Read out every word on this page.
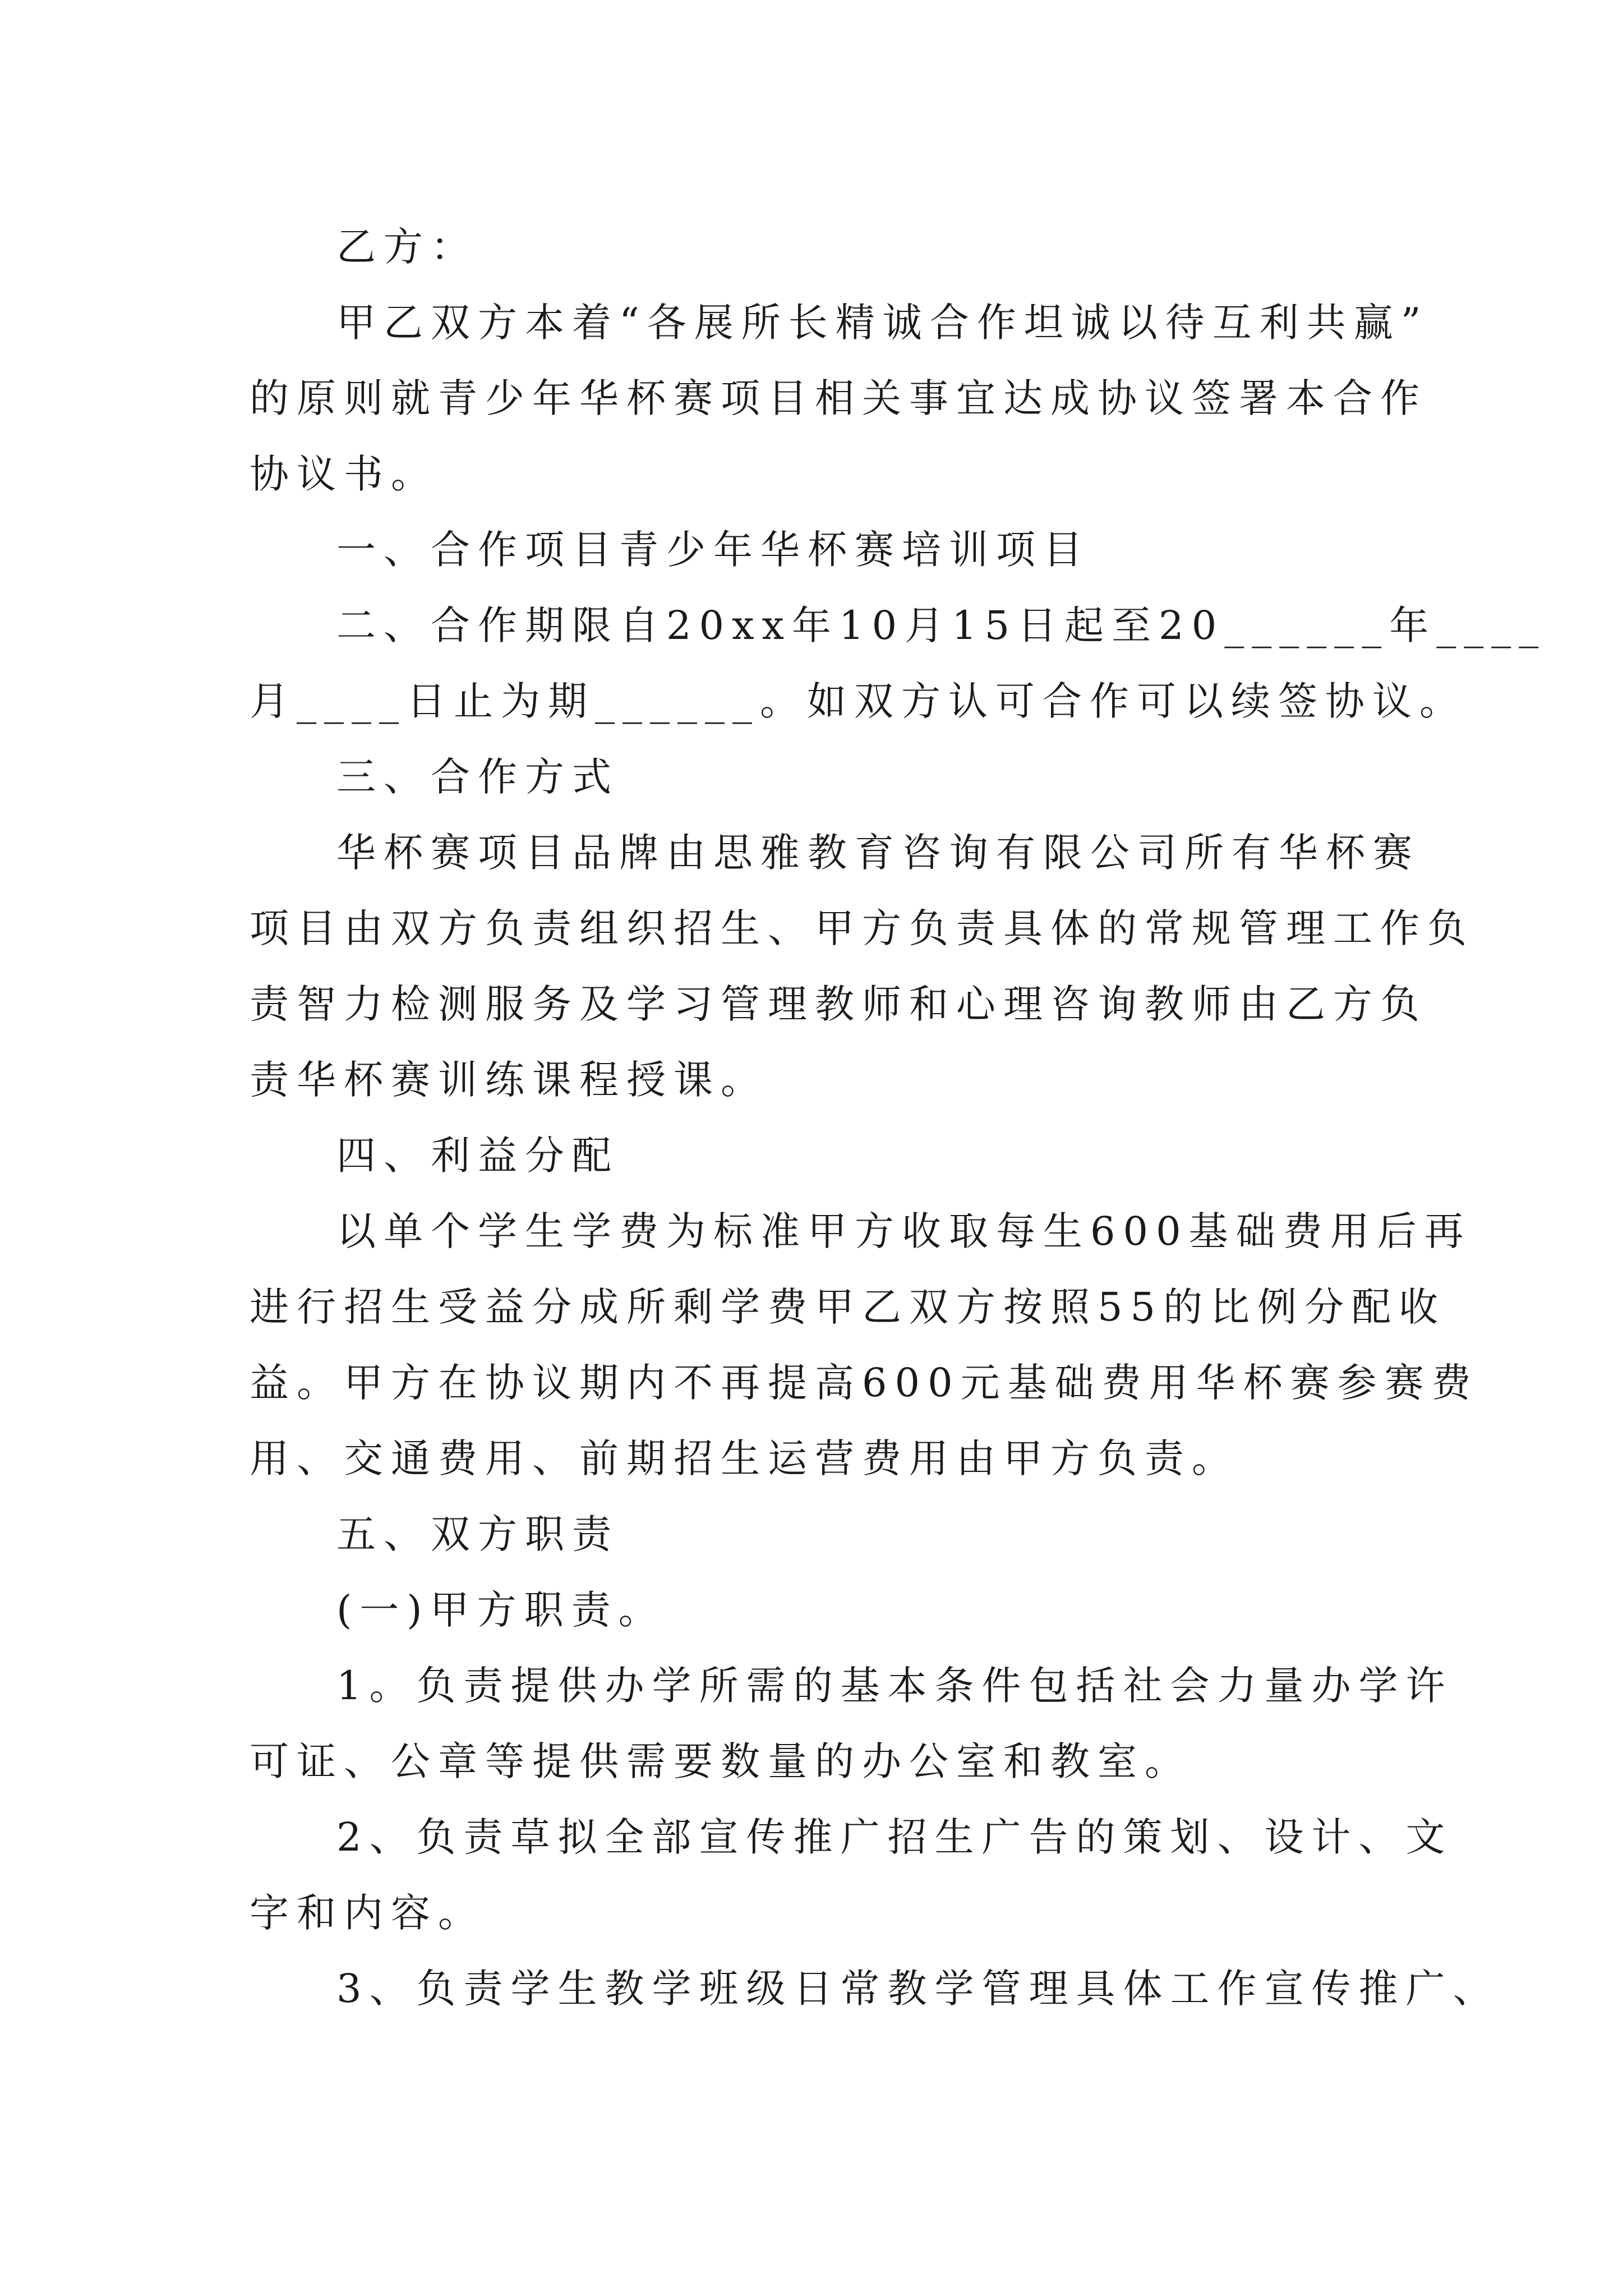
乙方：
甲乙双方本着“各展所长精诚合作坦诚以待互利共赢”
的原则就青少年华杯赛项目相关事宜达成协议签署本合作
协议书。
一、合作项目青少年华杯赛培训项目
二、合作期限自20xx年10月15日起至20______年____
月____日止为期______。如双方认可合作可以续签协议。
三、合作方式
华杯赛项目品牌由思雅教育咨询有限公司所有华杯赛
项目由双方负责组织招生、甲方负责具体的常规管理工作负
责智力检测服务及学习管理教师和心理咨询教师由乙方负
责华杯赛训练课程授课。
四、利益分配
以单个学生学费为标准甲方收取每生600基础费用后再
进行招生受益分成所剩学费甲乙双方按照55的比例分配收
益。甲方在协议期内不再提高600元基础费用华杯赛参赛费
用、交通费用、前期招生运营费用由甲方负责。
五、双方职责
(一)甲方职责。
1。负责提供办学所需的基本条件包括社会力量办学许
可证、公章等提供需要数量的办公室和教室。
2、负责草拟全部宣传推广招生广告的策划、设计、文
字和内容。
3、负责学生教学班级日常教学管理具体工作宣传推广、
